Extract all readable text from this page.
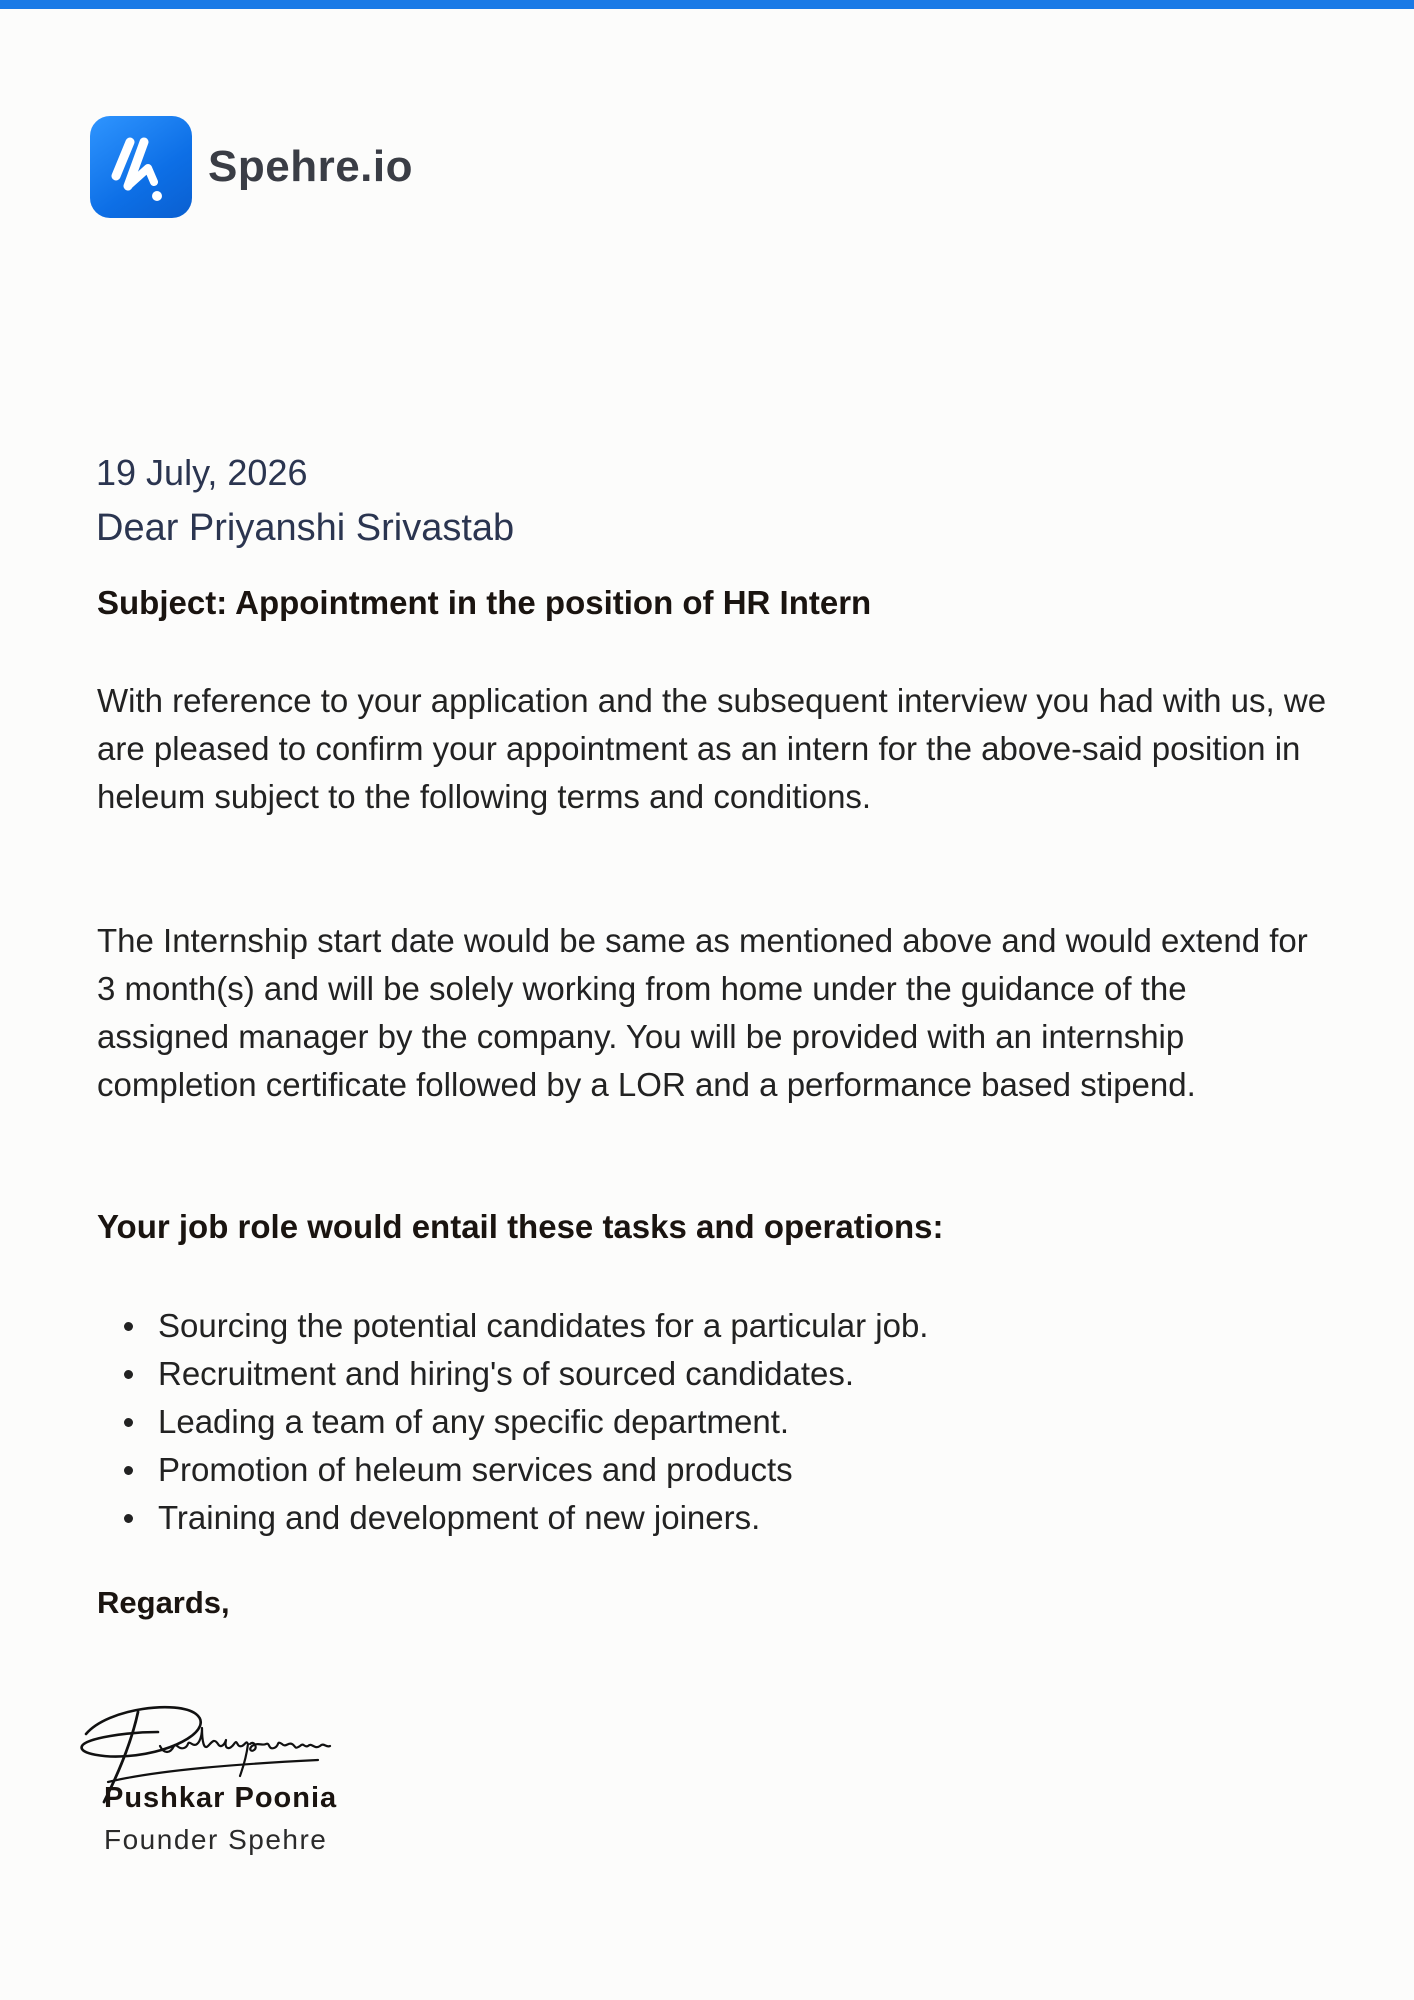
Spehre.io
19 July, 2026
Dear Priyanshi Srivastab
Subject: Appointment in the position of HR Intern
With reference to your application and the subsequent interview you had with us, we are pleased to confirm your appointment as an intern for the above-said position in heleum subject to the following terms and conditions.
The Internship start date would be same as mentioned above and would extend for 3 month(s) and will be solely working from home under the guidance of the assigned manager by the company. You will be provided with an internship completion certificate followed by a LOR and a performance based stipend.
Your job role would entail these tasks and operations:
Sourcing the potential candidates for a particular job.
Recruitment and hiring's of sourced candidates.
Leading a team of any specific department.
Promotion of heleum services and products
Training and development of new joiners.
Regards,
Pushkar Poonia
Founder Spehre
